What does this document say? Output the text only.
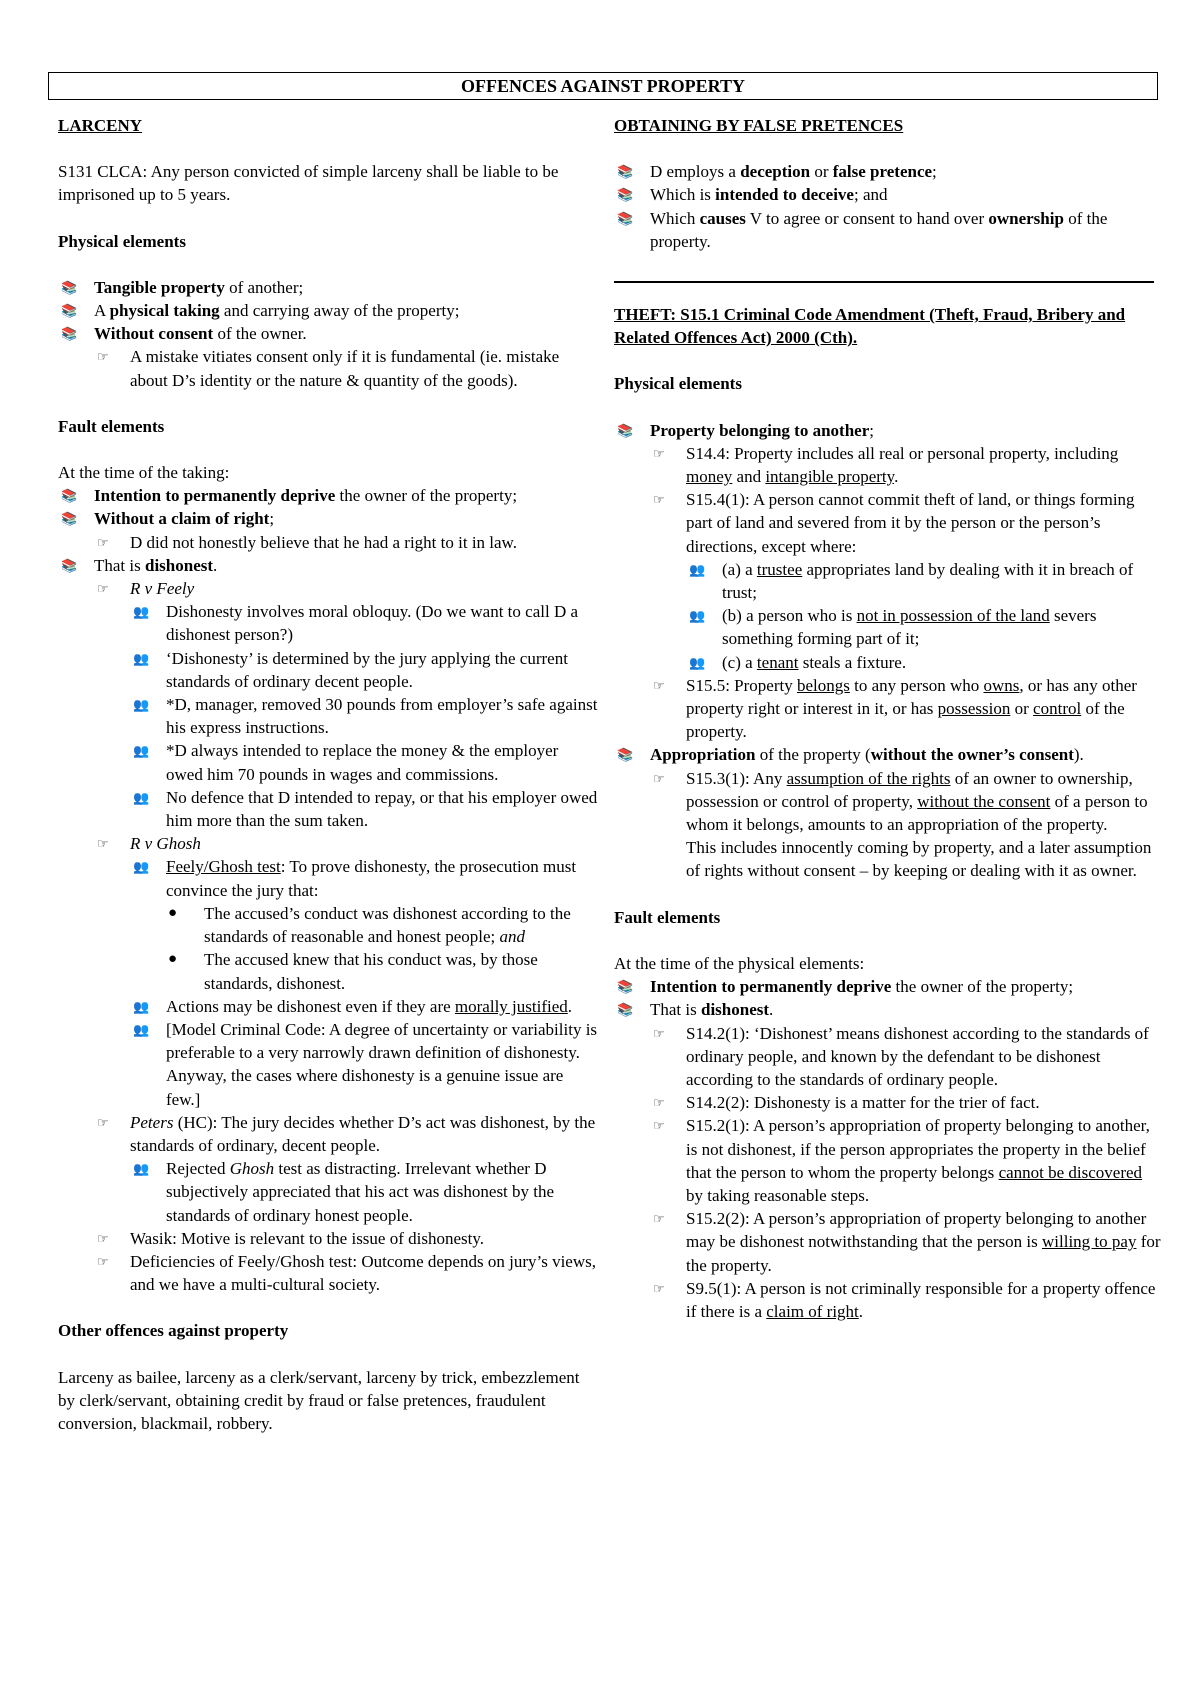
OFFENCES AGAINST PROPERTY

LARCENY

S131 CLCA: Any person convicted of simple larceny shall be liable to be imprisoned up to 5 years.

Physical elements

📚 Tangible property of another;
📚 A physical taking and carrying away of the property;
📚 Without consent of the owner.
☞ A mistake vitiates consent only if it is fundamental (ie. mistake about D’s identity or the nature & quantity of the goods).

Fault elements

At the time of the taking:

📚 Intention to permanently deprive the owner of the property;
📚 Without a claim of right;
☞ D did not honestly believe that he had a right to it in law.
📚 That is dishonest.
☞ R v Feely
👥 Dishonesty involves moral obloquy. (Do we want to call D a dishonest person?)
👥 ‘Dishonesty’ is determined by the jury applying the current standards of ordinary decent people.
👥 *D, manager, removed 30 pounds from employer’s safe against his express instructions.
👥 *D always intended to replace the money & the employer owed him 70 pounds in wages and commissions.
👥 No defence that D intended to repay, or that his employer owed him more than the sum taken.
☞ R v Ghosh
👥 Feely/Ghosh test: To prove dishonesty, the prosecution must convince the jury that:
● The accused’s conduct was dishonest according to the standards of reasonable and honest people; and
● The accused knew that his conduct was, by those standards, dishonest.
👥 Actions may be dishonest even if they are morally justified.
👥 [Model Criminal Code: A degree of uncertainty or variability is preferable to a very narrowly drawn definition of dishonesty. Anyway, the cases where dishonesty is a genuine issue are few.]
☞ Peters (HC): The jury decides whether D’s act was dishonest, by the standards of ordinary, decent people.
👥 Rejected Ghosh test as distracting. Irrelevant whether D subjectively appreciated that his act was dishonest by the standards of ordinary honest people.
☞ Wasik: Motive is relevant to the issue of dishonesty.
☞ Deficiencies of Feely/Ghosh test: Outcome depends on jury’s views, and we have a multi-cultural society.

Other offences against property

Larceny as bailee, larceny as a clerk/servant, larceny by trick, embezzlement by clerk/servant, obtaining credit by fraud or false pretences, fraudulent conversion, blackmail, robbery.

OBTAINING BY FALSE PRETENCES

📚 D employs a deception or false pretence;
📚 Which is intended to deceive; and
📚 Which causes V to agree or consent to hand over ownership of the property.

THEFT: S15.1 Criminal Code Amendment (Theft, Fraud, Bribery and Related Offences Act) 2000 (Cth).

Physical elements

📚 Property belonging to another;
☞ S14.4: Property includes all real or personal property, including money and intangible property.
☞ S15.4(1): A person cannot commit theft of land, or things forming part of land and severed from it by the person or the person’s directions, except where:
👥 (a) a trustee appropriates land by dealing with it in breach of trust;
👥 (b) a person who is not in possession of the land severs something forming part of it;
👥 (c) a tenant steals a fixture.
☞ S15.5: Property belongs to any person who owns, or has any other property right or interest in it, or has possession or control of the property.
📚 Appropriation of the property (without the owner’s consent).
☞ S15.3(1): Any assumption of the rights of an owner to ownership, possession or control of property, without the consent of a person to whom it belongs, amounts to an appropriation of the property.
This includes innocently coming by property, and a later assumption of rights without consent – by keeping or dealing with it as owner.

Fault elements

At the time of the physical elements:

📚 Intention to permanently deprive the owner of the property;
📚 That is dishonest.
☞ S14.2(1): ‘Dishonest’ means dishonest according to the standards of ordinary people, and known by the defendant to be dishonest according to the standards of ordinary people.
☞ S14.2(2): Dishonesty is a matter for the trier of fact.
☞ S15.2(1): A person’s appropriation of property belonging to another, is not dishonest, if the person appropriates the property in the belief that the person to whom the property belongs cannot be discovered by taking reasonable steps.
☞ S15.2(2): A person’s appropriation of property belonging to another may be dishonest notwithstanding that the person is willing to pay for the property.
☞ S9.5(1): A person is not criminally responsible for a property offence if there is a claim of right.
